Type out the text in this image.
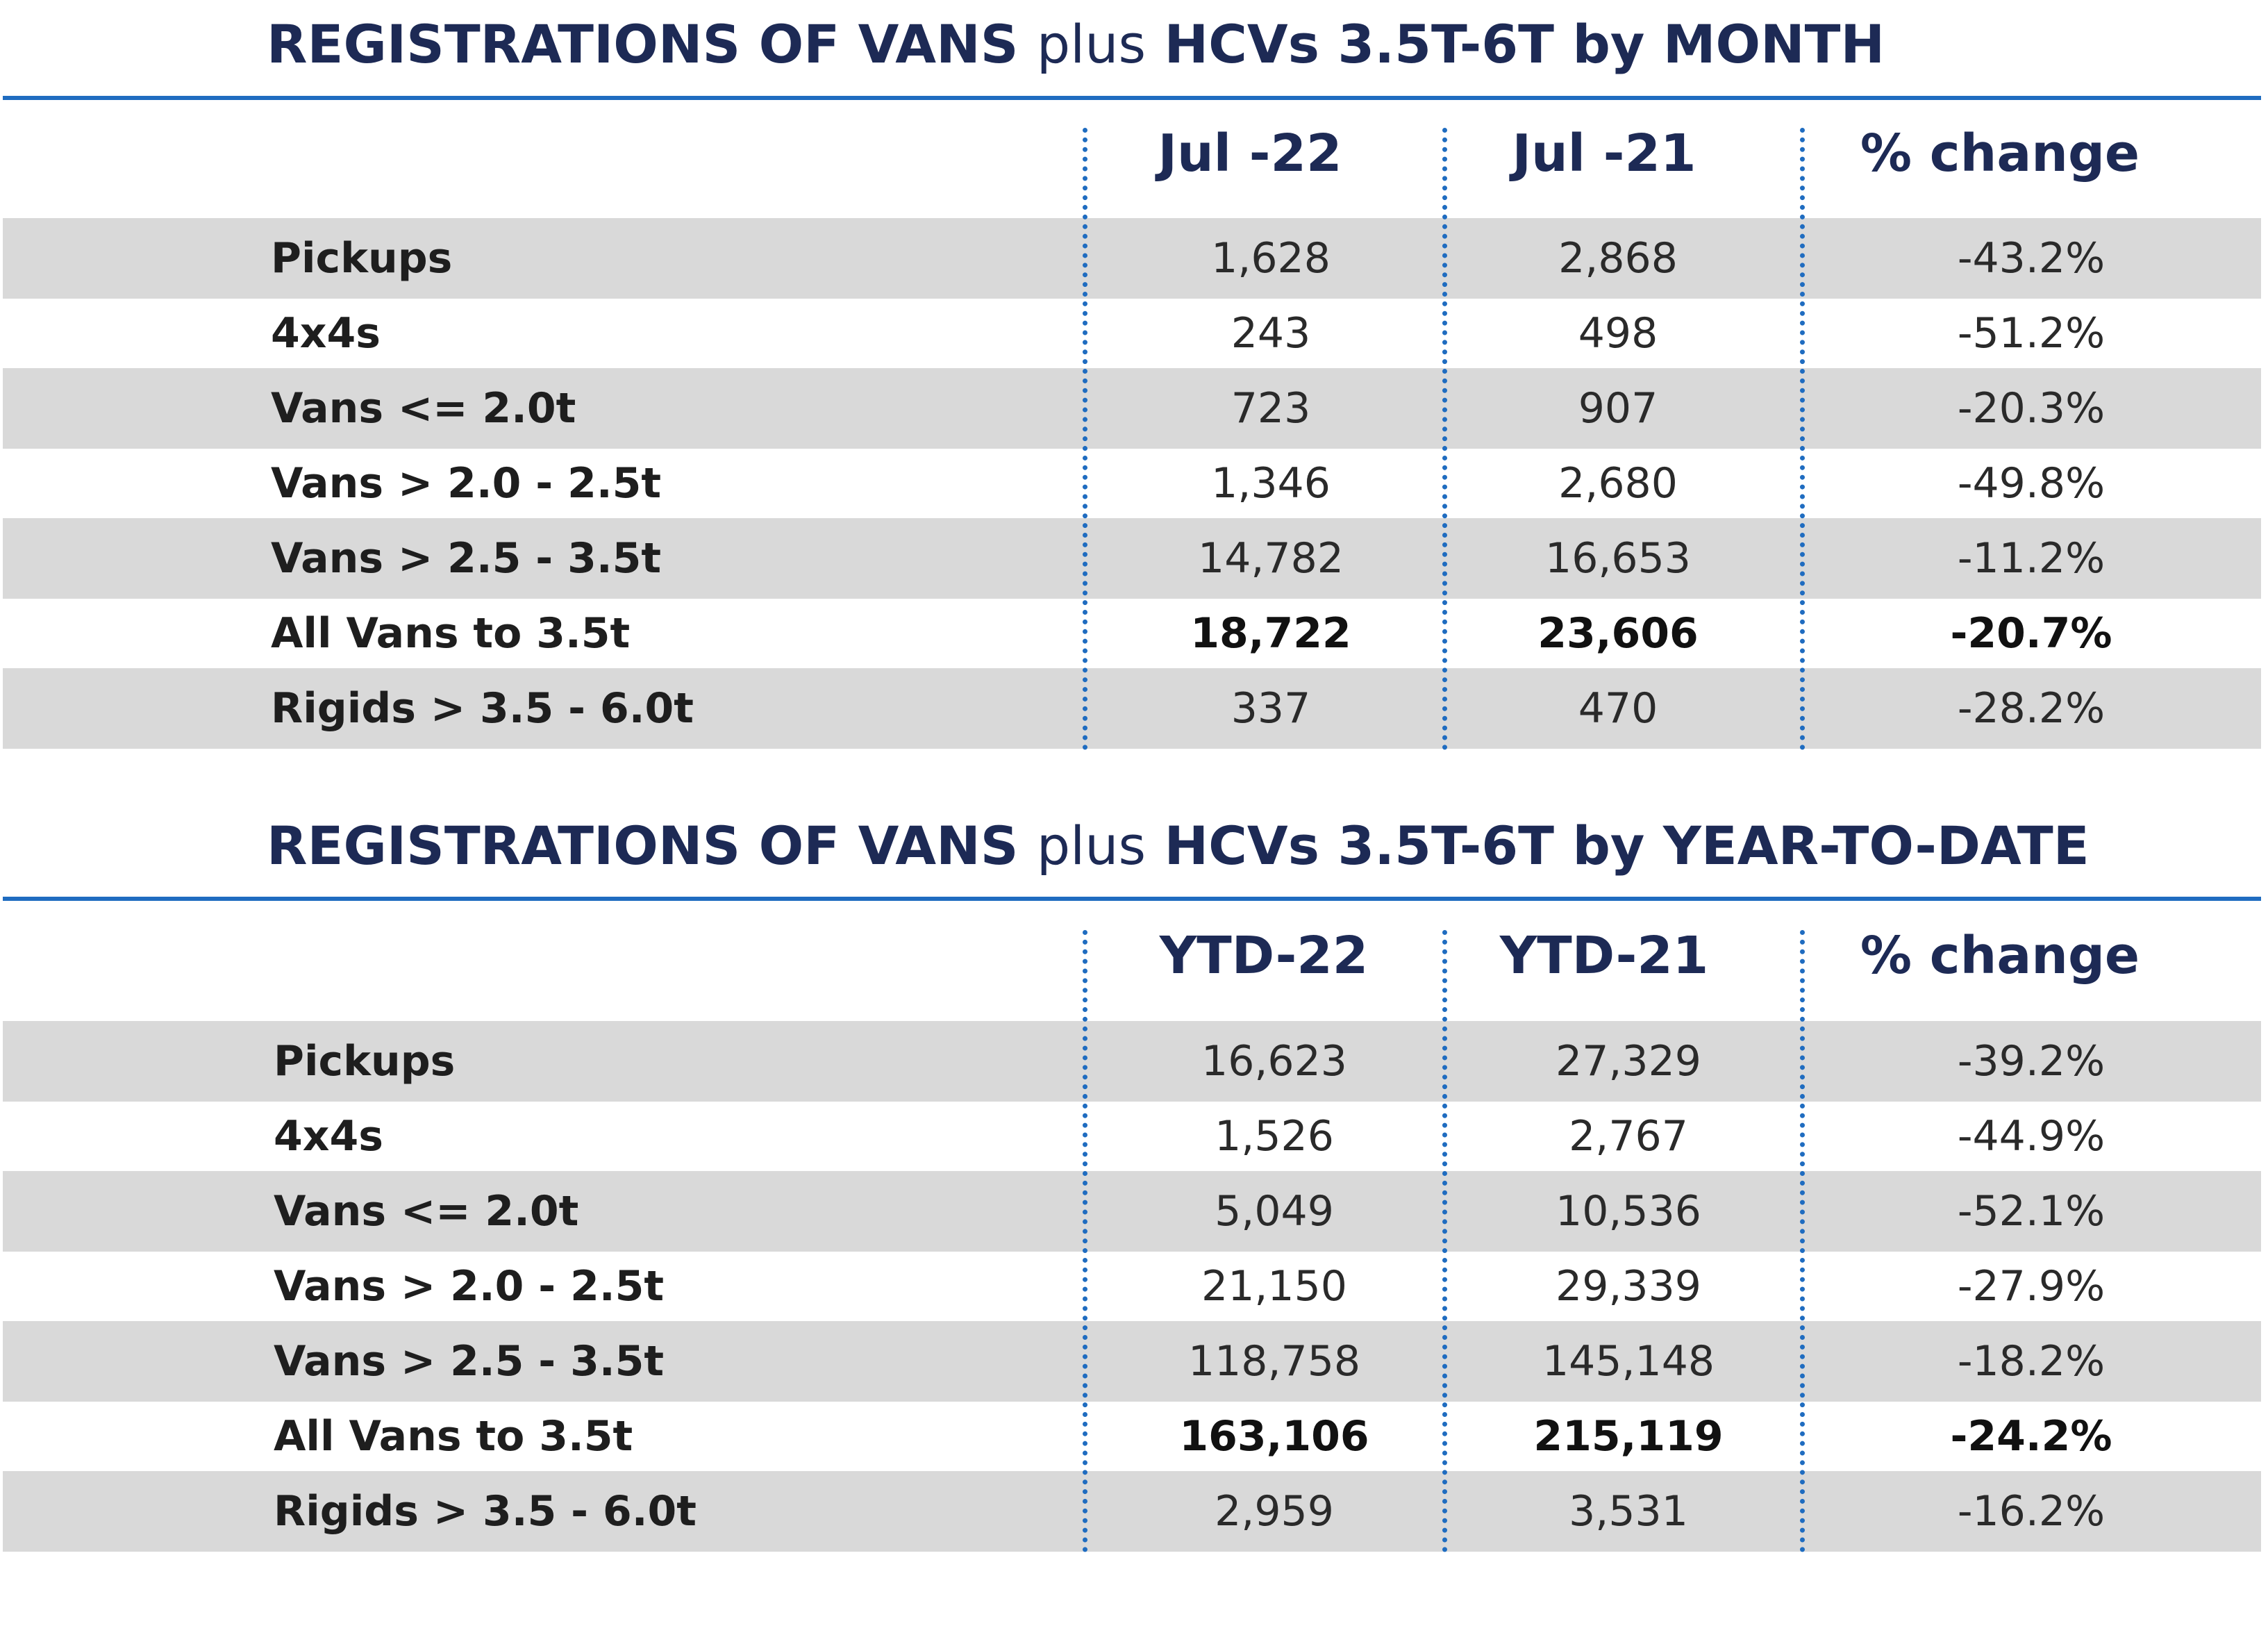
REGISTRATIONS OF VANS plus HCVs 3.5T-6T by MONTH
Jul -22	Jul -21	% change
Pickups	1,628	2,868	-43.2%
4x4s	243	498	-51.2%
Vans <= 2.0t	723	907	-20.3%
Vans > 2.0 - 2.5t	1,346	2,680	-49.8%
Vans > 2.5 - 3.5t	14,782	16,653	-11.2%
All Vans to 3.5t	18,722	23,606	-20.7%
Rigids > 3.5 - 6.0t	337	470	-28.2%
REGISTRATIONS OF VANS plus HCVs 3.5T-6T by YEAR-TO-DATE
YTD-22	YTD-21	% change
Pickups	16,623	27,329	-39.2%
4x4s	1,526	2,767	-44.9%
Vans <= 2.0t	5,049	10,536	-52.1%
Vans > 2.0 - 2.5t	21,150	29,339	-27.9%
Vans > 2.5 - 3.5t	118,758	145,148	-18.2%
All Vans to 3.5t	163,106	215,119	-24.2%
Rigids > 3.5 - 6.0t	2,959	3,531	-16.2%
